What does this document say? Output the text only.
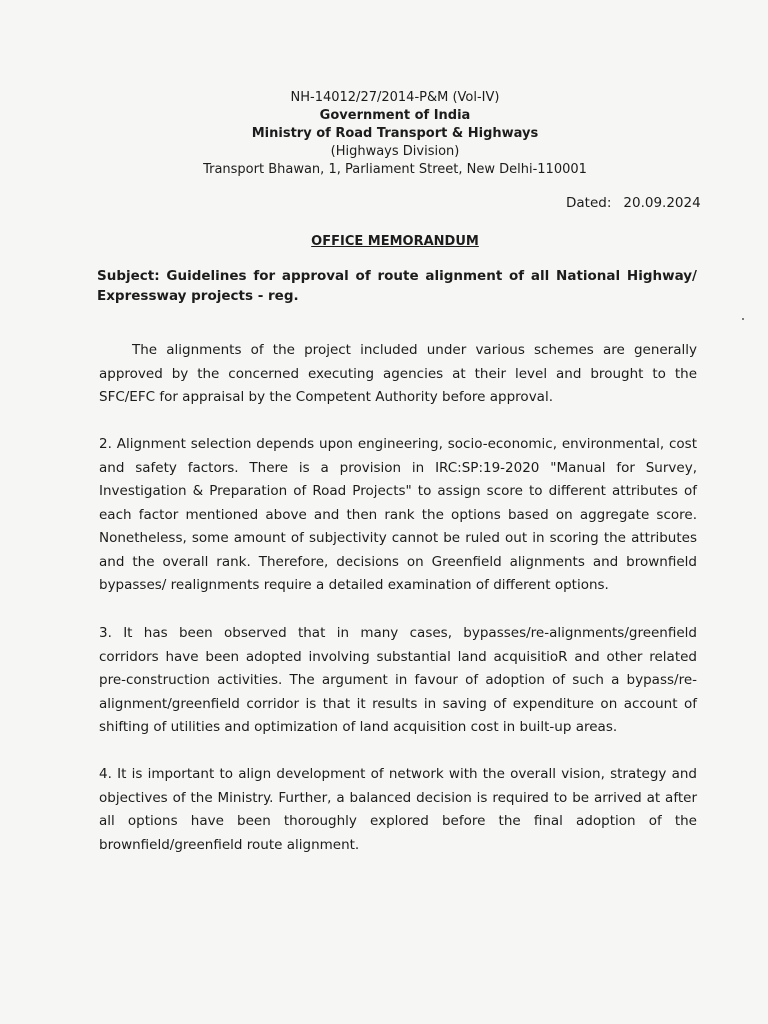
NH-14012/27/2014-P&M (Vol-IV)
Government of India
Ministry of Road Transport & Highways
(Highways Division)
Transport Bhawan, 1, Parliament Street, New Delhi-110001
Dated: 20.09.2024
OFFICE MEMORANDUM
Subject: Guidelines for approval of route alignment of all National Highway/ Expressway projects - reg.
The alignments of the project included under various schemes are generally approved by the concerned executing agencies at their level and brought to the SFC/EFC for appraisal by the Competent Authority before approval.
2. Alignment selection depends upon engineering, socio-economic, environmental, cost and safety factors. There is a provision in IRC:SP:19-2020 "Manual for Survey, Investigation & Preparation of Road Projects" to assign score to different attributes of each factor mentioned above and then rank the options based on aggregate score. Nonetheless, some amount of subjectivity cannot be ruled out in scoring the attributes and the overall rank. Therefore, decisions on Greenfield alignments and brownfield bypasses/ realignments require a detailed examination of different options.
3. It has been observed that in many cases, bypasses/re-alignments/greenfield corridors have been adopted involving substantial land acquisitioR and other related pre-construction activities. The argument in favour of adoption of such a bypass/re-alignment/greenfield corridor is that it results in saving of expenditure on account of shifting of utilities and optimization of land acquisition cost in built-up areas.
4. It is important to align development of network with the overall vision, strategy and objectives of the Ministry. Further, a balanced decision is required to be arrived at after all options have been thoroughly explored before the final adoption of the brownfield/greenfield route alignment.
